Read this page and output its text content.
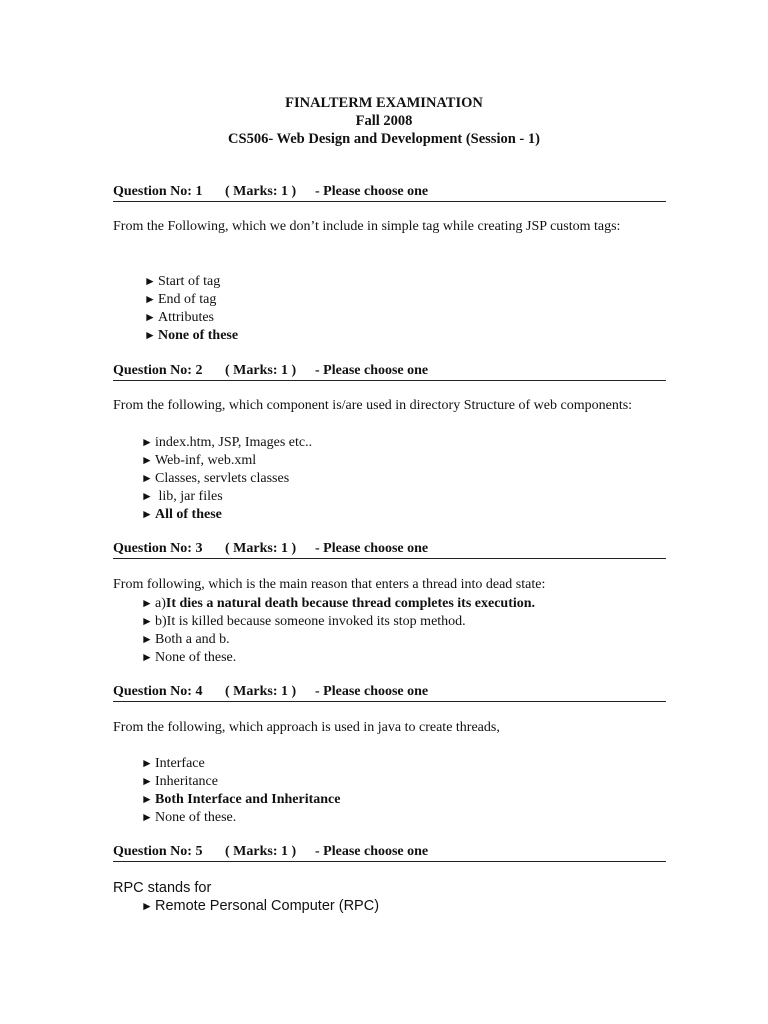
FINALTERM EXAMINATION
Fall 2008
CS506- Web Design and Development (Session - 1)
Question No: 1 ( Marks: 1 ) - Please choose one
From the Following, which we don’t include in simple tag while creating JSP custom tags:
► Start of tag
► End of tag
► Attributes
► None of these
Question No: 2 ( Marks: 1 ) - Please choose one
From the following, which component is/are used in directory Structure of web components:
► index.htm, JSP, Images etc..
► Web-inf, web.xml
► Classes, servlets classes
► lib, jar files
► All of these
Question No: 3 ( Marks: 1 ) - Please choose one
From following, which is the main reason that enters a thread into dead state:
► a)It dies a natural death because thread completes its execution.
► b)It is killed because someone invoked its stop method.
► Both a and b.
► None of these.
Question No: 4 ( Marks: 1 ) - Please choose one
From the following, which approach is used in java to create threads,
► Interface
► Inheritance
► Both Interface and Inheritance
► None of these.
Question No: 5 ( Marks: 1 ) - Please choose one
RPC stands for
► Remote Personal Computer (RPC)
